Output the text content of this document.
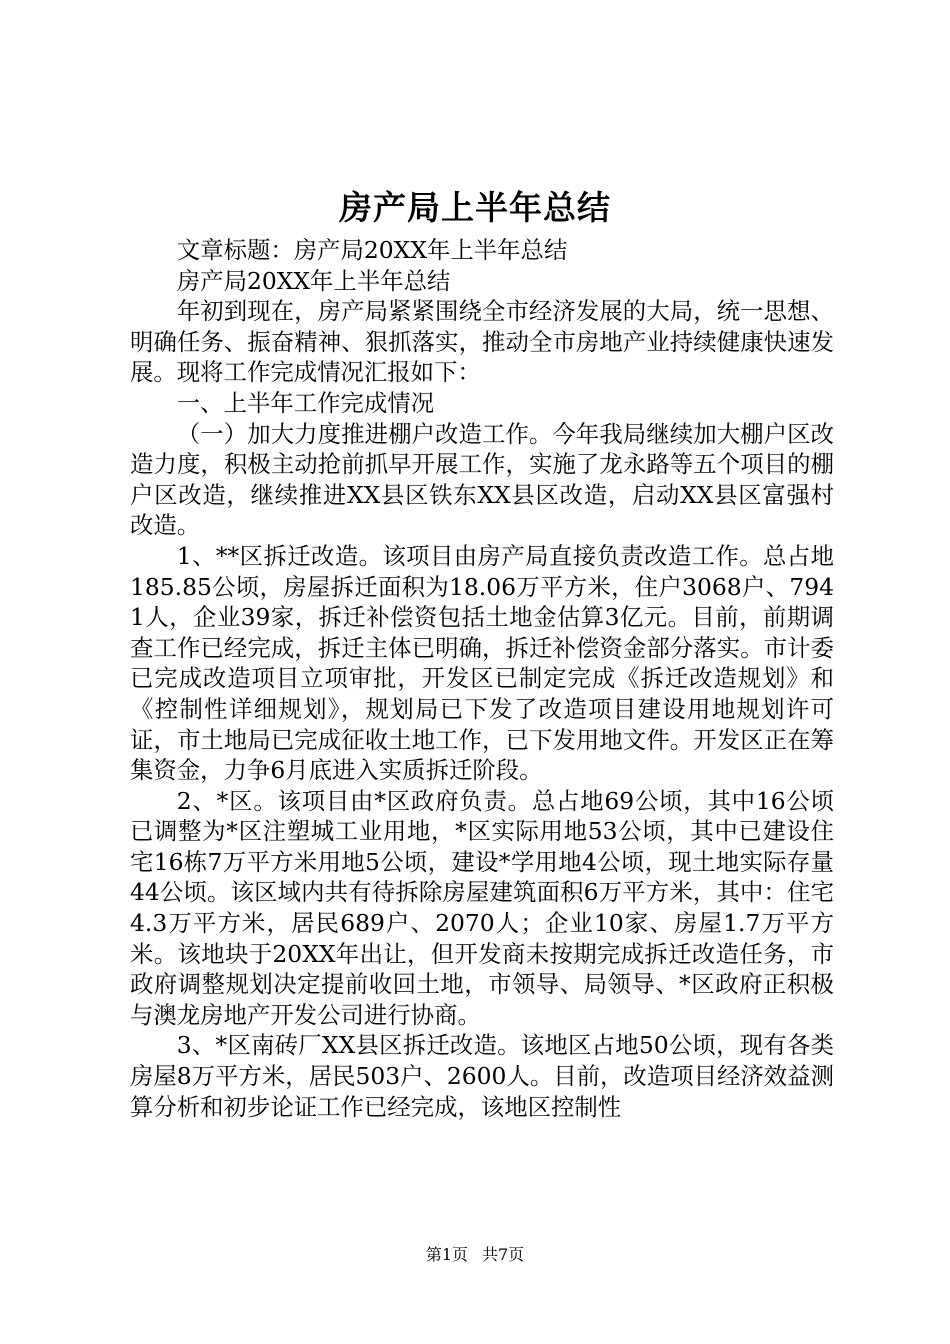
房产局上半年总结

文章标题：房产局20XX年上半年总结

房产局20XX年上半年总结

年初到现在，房产局紧紧围绕全市经济发展的大局，统一思想、明确任务、振奋精神、狠抓落实，推动全市房地产业持续健康快速发展。现将工作完成情况汇报如下：

一、上半年工作完成情况

（一）加大力度推进棚户改造工作。今年我局继续加大棚户区改造力度，积极主动抢前抓早开展工作，实施了龙永路等五个项目的棚户区改造，继续推进XX县区铁东XX县区改造，启动XX县区富强村改造。

1、**区拆迁改造。该项目由房产局直接负责改造工作。总占地185.85公顷，房屋拆迁面积为18.06万平方米，住户3068户、7941人，企业39家，拆迁补偿资包括土地金估算3亿元。目前，前期调查工作已经完成，拆迁主体已明确，拆迁补偿资金部分落实。市计委已完成改造项目立项审批，开发区已制定完成《拆迁改造规划》和《控制性详细规划》，规划局已下发了改造项目建设用地规划许可证，市土地局已完成征收土地工作，已下发用地文件。开发区正在筹集资金，力争6月底进入实质拆迁阶段。

2、*区。该项目由*区政府负责。总占地69公顷，其中16公顷已调整为*区注塑城工业用地，*区实际用地53公顷，其中已建设住宅16栋7万平方米用地5公顷，建设*学用地4公顷，现土地实际存量44公顷。该区域内共有待拆除房屋建筑面积6万平方米，其中：住宅4.3万平方米，居民689户、2070人；企业10家、房屋1.7万平方米。该地块于20XX年出让，但开发商未按期完成拆迁改造任务，市政府调整规划决定提前收回土地，市领导、局领导、*区政府正积极与澳龙房地产开发公司进行协商。

3、*区南砖厂XX县区拆迁改造。该地区占地50公顷，现有各类房屋8万平方米，居民503户、2600人。目前，改造项目经济效益测算分析和初步论证工作已经完成，该地区控制性

第1页 共7页
